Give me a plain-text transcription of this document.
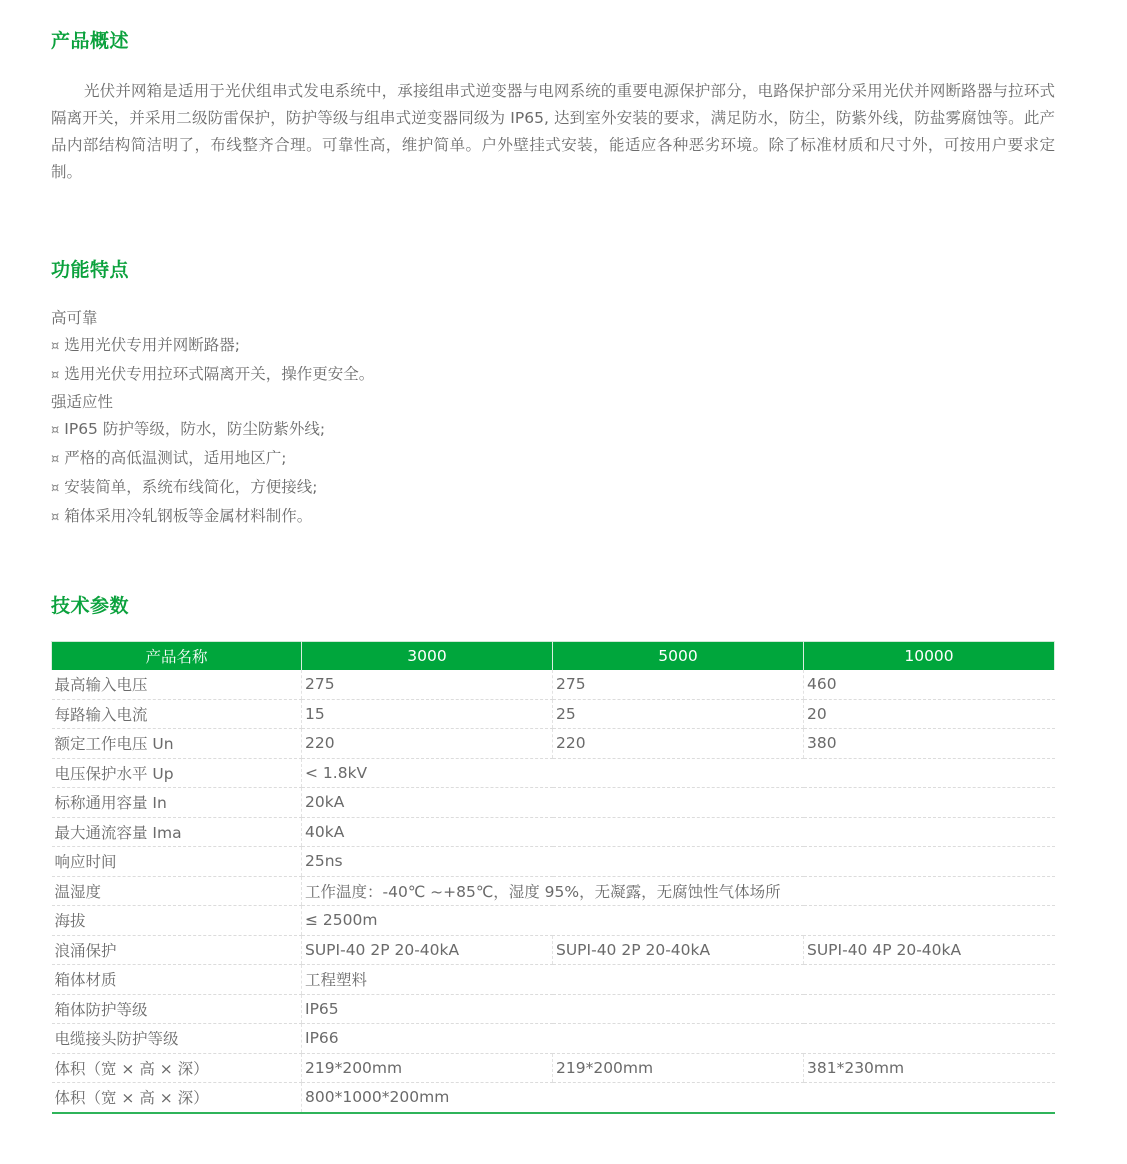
产品概述

光伏并网箱是适用于光伏组串式发电系统中，承接组串式逆变器与电网系统的重要电源保护部分，电路保护部分采用光伏并网断路器与拉环式隔离开关，并采用二级防雷保护，防护等级与组串式逆变器同级为 IP65, 达到室外安装的要求，满足防水，防尘，防紫外线，防盐雾腐蚀等。此产品内部结构简洁明了，布线整齐合理。可靠性高，维护简单。户外壁挂式安装，能适应各种恶劣环境。除了标准材质和尺寸外，可按用户要求定制。

功能特点
高可靠
¤ 选用光伏专用并网断路器;
¤ 选用光伏专用拉环式隔离开关，操作更安全。
强适应性
¤ IP65 防护等级，防水，防尘防紫外线;
¤ 严格的高低温测试，适用地区广;
¤ 安装简单，系统布线简化，方便接线;
¤ 箱体采用冷轧钢板等金属材料制作。
技术参数
产品名称	3000	5000	10000
最高输入电压	275	275	460
每路输入电流	15	25	20
额定工作电压 Un	220	220	380
电压保护水平 Up	< 1.8kV		
标称通用容量 In	20kA		
最大通流容量 Ima	40kA		
响应时间	25ns		
温湿度	工作温度：-40℃ ~+85℃，湿度 95%，无凝露，无腐蚀性气体场所		
海拔	≤ 2500m		
浪涌保护	SUPI-40 2P 20-40kA	SUPI-40 2P 20-40kA	SUPI-40 4P 20-40kA
箱体材质	工程塑料		
箱体防护等级	IP65		
电缆接头防护等级	IP66		
体积（宽 × 高 × 深）	219*200mm	219*200mm	381*230mm
体积（宽 × 高 × 深）	800*1000*200mm		
